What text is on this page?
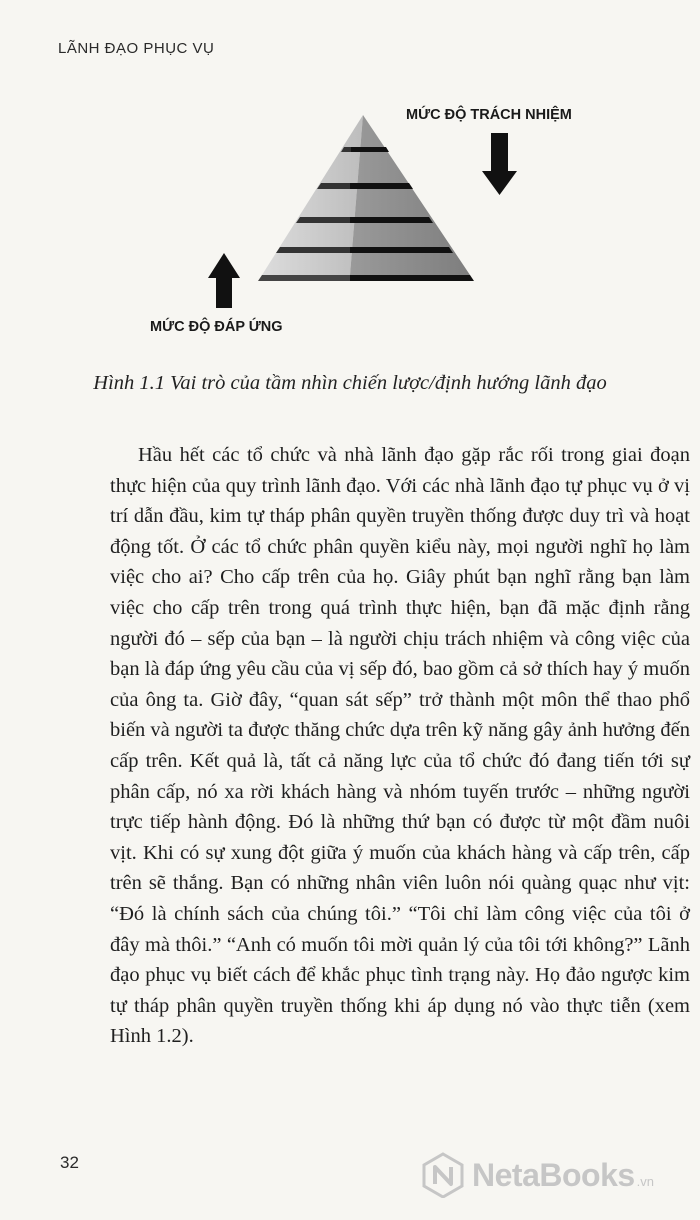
LÃNH ĐẠO PHỤC VỤ
MỨC ĐỘ TRÁCH NHIỆM
MỨC ĐỘ ĐÁP ỨNG
Hình 1.1 Vai trò của tầm nhìn chiến lược/định hướng lãnh đạo
Hầu hết các tổ chức và nhà lãnh đạo gặp rắc rối trong giai đoạn thực hiện của quy trình lãnh đạo. Với các nhà lãnh đạo tự phục vụ ở vị trí dẫn đầu, kim tự tháp phân quyền truyền thống được duy trì và hoạt động tốt. Ở các tổ chức phân quyền kiểu này, mọi người nghĩ họ làm việc cho ai? Cho cấp trên của họ. Giây phút bạn nghĩ rằng bạn làm việc cho cấp trên trong quá trình thực hiện, bạn đã mặc định rằng người đó – sếp của bạn – là người chịu trách nhiệm và công việc của bạn là đáp ứng yêu cầu của vị sếp đó, bao gồm cả sở thích hay ý muốn của ông ta. Giờ đây, “quan sát sếp” trở thành một môn thể thao phổ biến và người ta được thăng chức dựa trên kỹ năng gây ảnh hưởng đến cấp trên. Kết quả là, tất cả năng lực của tổ chức đó đang tiến tới sự phân cấp, nó xa rời khách hàng và nhóm tuyến trước – những người trực tiếp hành động. Đó là những thứ bạn có được từ một đầm nuôi vịt. Khi có sự xung đột giữa ý muốn của khách hàng và cấp trên, cấp trên sẽ thắng. Bạn có những nhân viên luôn nói quàng quạc như vịt: “Đó là chính sách của chúng tôi.” “Tôi chỉ làm công việc của tôi ở đây mà thôi.” “Anh có muốn tôi mời quản lý của tôi tới không?” Lãnh đạo phục vụ biết cách để khắc phục tình trạng này. Họ đảo ngược kim tự tháp phân quyền truyền thống khi áp dụng nó vào thực tiễn (xem Hình 1.2).
32	NetaBooks .vn
